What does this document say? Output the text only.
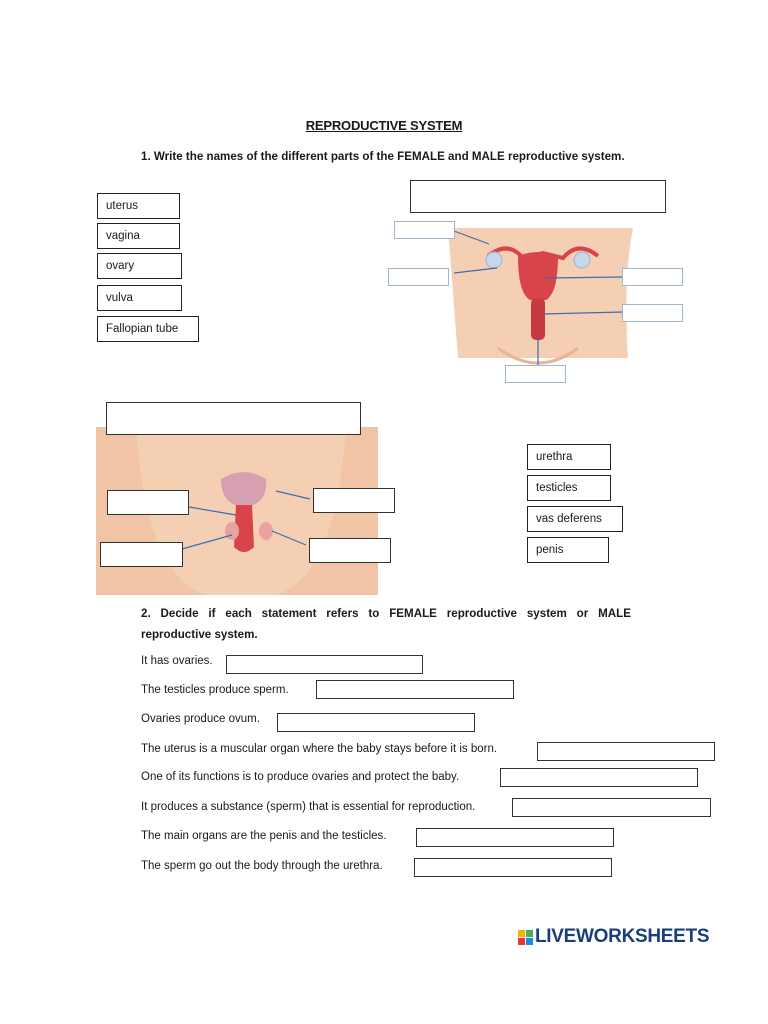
REPRODUCTIVE SYSTEM
1. Write the names of the different parts of the FEMALE and MALE reproductive system.
uterus
vagina
ovary
vulva
Fallopian tube
urethra
testicles
vas deferens
penis
2. Decide if each statement refers to FEMALE reproductive system or MALE reproductive system.
It has ovaries.
The testicles produce sperm.
Ovaries produce ovum.
The uterus is a muscular organ where the baby stays before it is born.
One of its functions is to produce ovaries and protect the baby.
It produces a substance (sperm) that is essential for reproduction.
The main organs are the penis and the testicles.
The sperm go out the body through the urethra.
LIVEWORKSHEETS
